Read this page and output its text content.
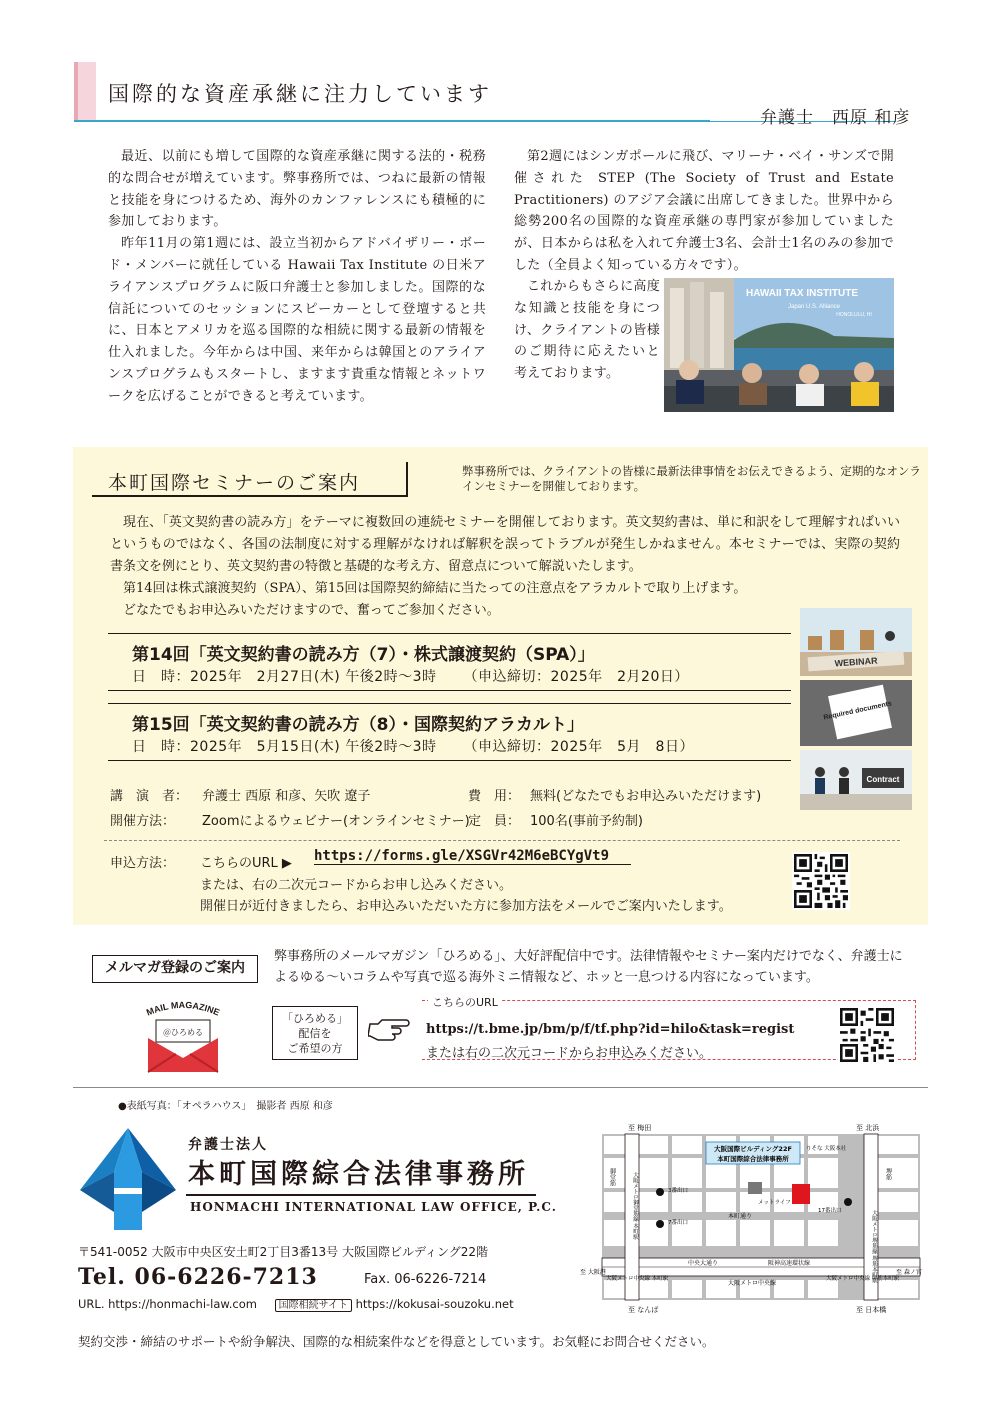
国際的な資産承継に注力しています
弁護士　西原 和彦

最近、以前にも増して国際的な資産承継に関する法的・税務的な問合せが増えています。弊事務所では、つねに最新の情報と技能を身につけるため、海外のカンファレンスにも積極的に参加しております。

昨年11月の第1週には、設立当初からアドバイザリー・ボード・メンバーに就任している Hawaii Tax Institute の日米アライアンスプログラムに阪口弁護士と参加しました。国際的な信託についてのセッションにスピーカーとして登壇すると共に、日本とアメリカを巡る国際的な相続に関する最新の情報を仕入れました。今年からは中国、来年からは韓国とのアライアンスプログラムもスタートし、ますます貴重な情報とネットワークを広げることができると考えています。

第2週にはシンガポールに飛び、マリーナ・ベイ・サンズで開催された STEP (The Society of Trust and Estate Practitioners) のアジア会議に出席してきました。世界中から総勢200名の国際的な資産承継の専門家が参加していましたが、日本からは私を入れて弁護士3名、会計士1名のみの参加でした（全員よく知っている方々です）。

これからもさらに高度な知識と技能を身につけ、クライアントの皆様のご期待に応えたいと考えております。

HAWAII TAX INSTITUTE
Japan U.S. Alliance
HONOLULU, HI
本町国際セミナーのご案内
弊事務所では、クライアントの皆様に最新法律事情をお伝えできるよう、定期的なオンラインセミナーを開催しております。

現在、「英文契約書の読み方」をテーマに複数回の連続セミナーを開催しております。英文契約書は、単に和訳をして理解すればいいというものではなく、各国の法制度に対する理解がなければ解釈を誤ってトラブルが発生しかねません。本セミナーでは、実際の契約書条文を例にとり、英文契約書の特徴と基礎的な考え方、留意点について解説いたします。

第14回は株式譲渡契約（SPA）、第15回は国際契約締結に当たっての注意点をアラカルトで取り上げます。

どなたでもお申込みいただけますので、奮ってご参加ください。

第14回「英文契約書の読み方（7）・株式譲渡契約（SPA）」
日　時：2025年　2月27日(木) 午後2時〜3時 （申込締切：2025年　2月20日）
第15回「英文契約書の読み方（8）・国際契約アラカルト」
日　時：2025年　5月15日(木) 午後2時〜3時 （申込締切：2025年　5月　8日）
WEBINAR
Required documents
Contract
講　演　者： 弁護士 西原 和彦、矢吹 遼子	費　用： 無料(どなたでもお申込みいただけます)
開催方法： Zoomによるウェビナー(オンラインセミナー)
定　員： 100名(事前予約制)
申込方法： こちらのURL ▶ https://forms.gle/XSGVr42M6eBCYgVt9
または、右の二次元コードからお申し込みください。
開催日が近付きましたら、お申込みいただいた方に参加方法をメールでご案内いたします。
メルマガ登録のご案内
弊事務所のメールマガジン「ひろめる」、大好評配信中です。法律情報やセミナー案内だけでなく、弁護士によるゆる〜いコラムや写真で巡る海外ミニ情報など、ホッと一息つける内容になっています。
MAIL MAGAZINE
＠ひろめる
「ひろめる」
配信を
ご希望の方
こちらのURL
https://t.bme.jp/bm/p/f/tf.php?id=hilo&task=regist
または右の二次元コードからお申込みください。
●表紙写真：「オペラハウス」　撮影者 西原 和彦
弁護士法人
本町国際綜合法律事務所
HONMACHI INTERNATIONAL LAW OFFICE, P.C.
〒541-0052 大阪市中央区安土町2丁目3番13号 大阪国際ビルディング22階
Tel. 06-6226-7213	Fax. 06-6226-7214
URL. https://honmachi-law.com 国際相続サイト https://kokusai-souzoku.net
契約交渉・締結のサポートや紛争解決、国際的な相続案件などを得意としています。お気軽にお問合せください。
至 梅田	至 北浜
至 なんば	至 日本橋
至 大阪港	至 森ノ宮
大阪国際ビルディング22F
本町国際綜合法律事務所
りそな 大阪本社
メットライフ
本町通り
中央大通り	阪神高速環状線
大阪メトロ中央線
大阪メトロ中央線 本町駅	大阪メトロ中央線 堺筋本町駅
御堂筋	堺筋
大阪メトロ御堂筋線 本町駅
大阪メトロ堺筋線 堺筋本町駅
3番出口
7番出口
17番出口
